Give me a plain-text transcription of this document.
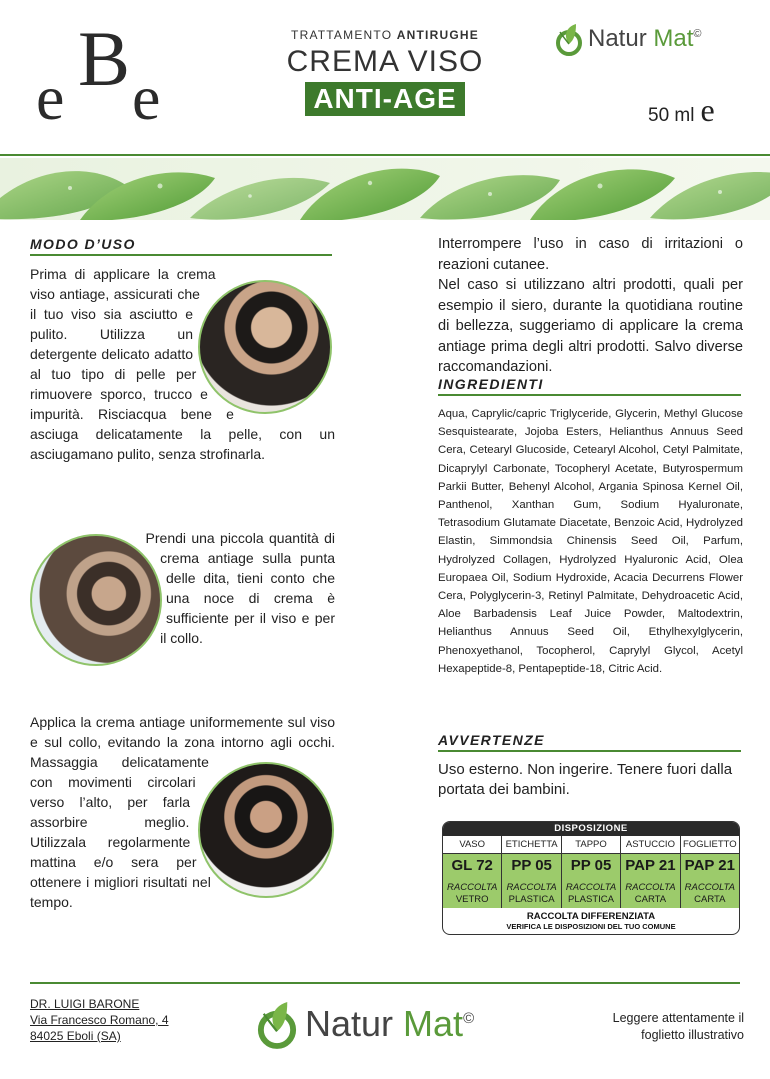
e B e
TRATTAMENTO ANTIRUGHE
CREMA VISO
ANTI-AGE
Natur Mat©
50 ml e
MODO D’USO
Prima di applicare la crema viso antiage, assicurati che il tuo viso sia asciutto e pulito. Utilizza un detergente delicato adatto al tuo tipo di pelle per rimuovere sporco, trucco e impurità. Risciacqua bene e asciuga delicatamente la pelle, con un asciugamano pulito, senza strofinarla.
Prendi una piccola quantità di crema antiage sulla punta delle dita, tieni conto che una noce di crema è sufficiente per il viso e per il collo.
Applica la crema antiage uniformemente sul viso e sul collo, evitando la zona intorno agli occhi.
Massaggia delicatamente con movimenti circolari verso l’alto, per farla assorbire meglio. Utilizzala regolarmente mattina e/o sera per ottenere i migliori risultati nel tempo.
Interrompere l’uso in caso di irritazioni o reazioni cutanee.
Nel caso si utilizzano altri prodotti, quali per esempio il siero, durante la quotidiana routine di bellezza, suggeriamo di applicare la crema antiage prima degli altri prodotti. Salvo diverse raccomandazioni.
INGREDIENTI
Aqua, Caprylic/capric Triglyceride, Glycerin, Methyl Glucose Sesquistearate, Jojoba Esters, Helianthus Annuus Seed Cera, Cetearyl Glucoside, Cetearyl Alcohol, Cetyl Palmitate, Dicaprylyl Carbonate, Tocopheryl Acetate, Butyrospermum Parkii Butter, Behenyl Alcohol, Argania Spinosa Kernel Oil, Panthenol, Xanthan Gum, Sodium Hyaluronate, Tetrasodium Glutamate Diacetate, Benzoic Acid, Hydrolyzed Elastin, Simmondsia Chinensis Seed Oil, Parfum, Hydrolyzed Collagen, Hydrolyzed Hyaluronic Acid, Olea Europaea Oil, Sodium Hydroxide, Acacia Decurrens Flower Cera, Polyglycerin-3, Retinyl Palmitate, Dehydroacetic Acid, Aloe Barbadensis Leaf Juice Powder, Maltodextrin, Helianthus Annuus Seed Oil, Ethylhexylglycerin, Phenoxyethanol, Tocopherol, Caprylyl Glycol, Acetyl Hexapeptide-8, Pentapeptide-18, Citric Acid.
AVVERTENZE
Uso esterno. Non ingerire. Tenere fuori dalla portata dei bambini.
DISPOSIZIONE
VASO
GL 72
RACCOLTA
VETRO
ETICHETTA
PP 05
RACCOLTA
PLASTICA
TAPPO
PP 05
RACCOLTA
PLASTICA
ASTUCCIO
PAP 21
RACCOLTA
CARTA
FOGLIETTO
PAP 21
RACCOLTA
CARTA
RACCOLTA DIFFERENZIATA
VERIFICA LE DISPOSIZIONI DEL TUO COMUNE
DR. LUIGI BARONE
Via Francesco Romano, 4
84025 Eboli (SA)	Natur Mat©	Leggere attentamente il foglietto illustrativo
